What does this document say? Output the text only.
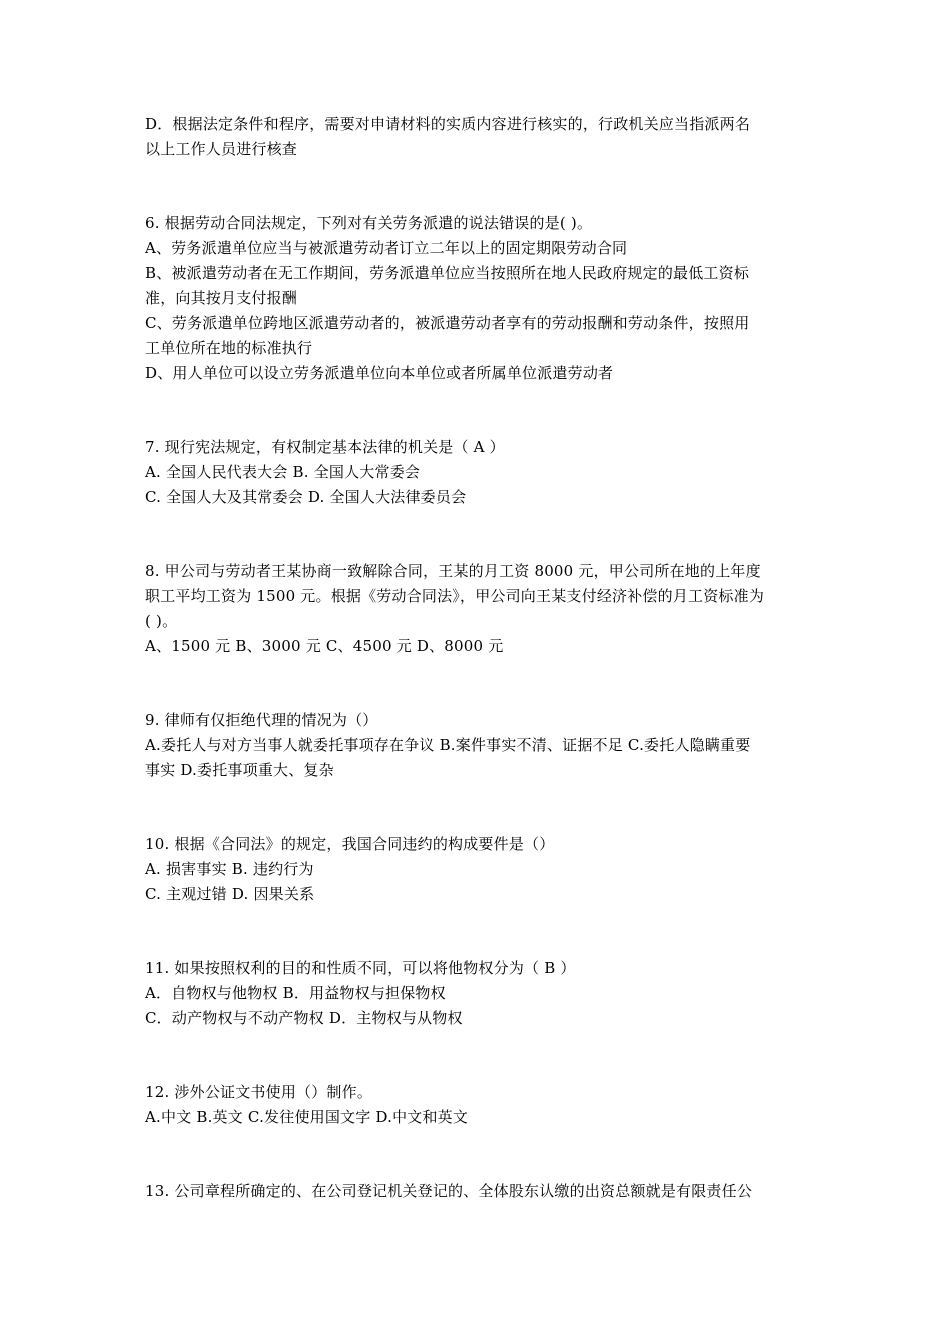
D．根据法定条件和程序，需要对申请材料的实质内容进行核实的，行政机关应当指派两名
以上工作人员进行核查
6. 根据劳动合同法规定，下列对有关劳务派遣的说法错误的是( )。
A、劳务派遣单位应当与被派遣劳动者订立二年以上的固定期限劳动合同
B、被派遣劳动者在无工作期间，劳务派遣单位应当按照所在地人民政府规定的最低工资标
准，向其按月支付报酬
C、劳务派遣单位跨地区派遣劳动者的，被派遣劳动者享有的劳动报酬和劳动条件，按照用
工单位所在地的标准执行
D、用人单位可以设立劳务派遣单位向本单位或者所属单位派遣劳动者
7. 现行宪法规定，有权制定基本法律的机关是（ A ）
A. 全国人民代表大会 B. 全国人大常委会
C. 全国人大及其常委会 D. 全国人大法律委员会
8. 甲公司与劳动者王某协商一致解除合同，王某的月工资 8000 元，甲公司所在地的上年度
职工平均工资为 1500 元。根据《劳动合同法》，甲公司向王某支付经济补偿的月工资标准为
( )。
A、1500 元 B、3000 元 C、4500 元 D、8000 元
9. 律师有仅拒绝代理的情况为（）
A.委托人与对方当事人就委托事项存在争议 B.案件事实不清、证据不足 C.委托人隐瞒重要
事实 D.委托事项重大、复杂
10. 根据《合同法》的规定，我国合同违约的构成要件是（）
A. 损害事实 B. 违约行为
C. 主观过错 D. 因果关系
11. 如果按照权利的目的和性质不同，可以将他物权分为（ B ）
A．自物权与他物权 B．用益物权与担保物权
C．动产物权与不动产物权 D．主物权与从物权
12. 涉外公证文书使用（）制作。
A.中文 B.英文 C.发往使用国文字 D.中文和英文
13. 公司章程所确定的、在公司登记机关登记的、全体股东认缴的出资总额就是有限责任公
